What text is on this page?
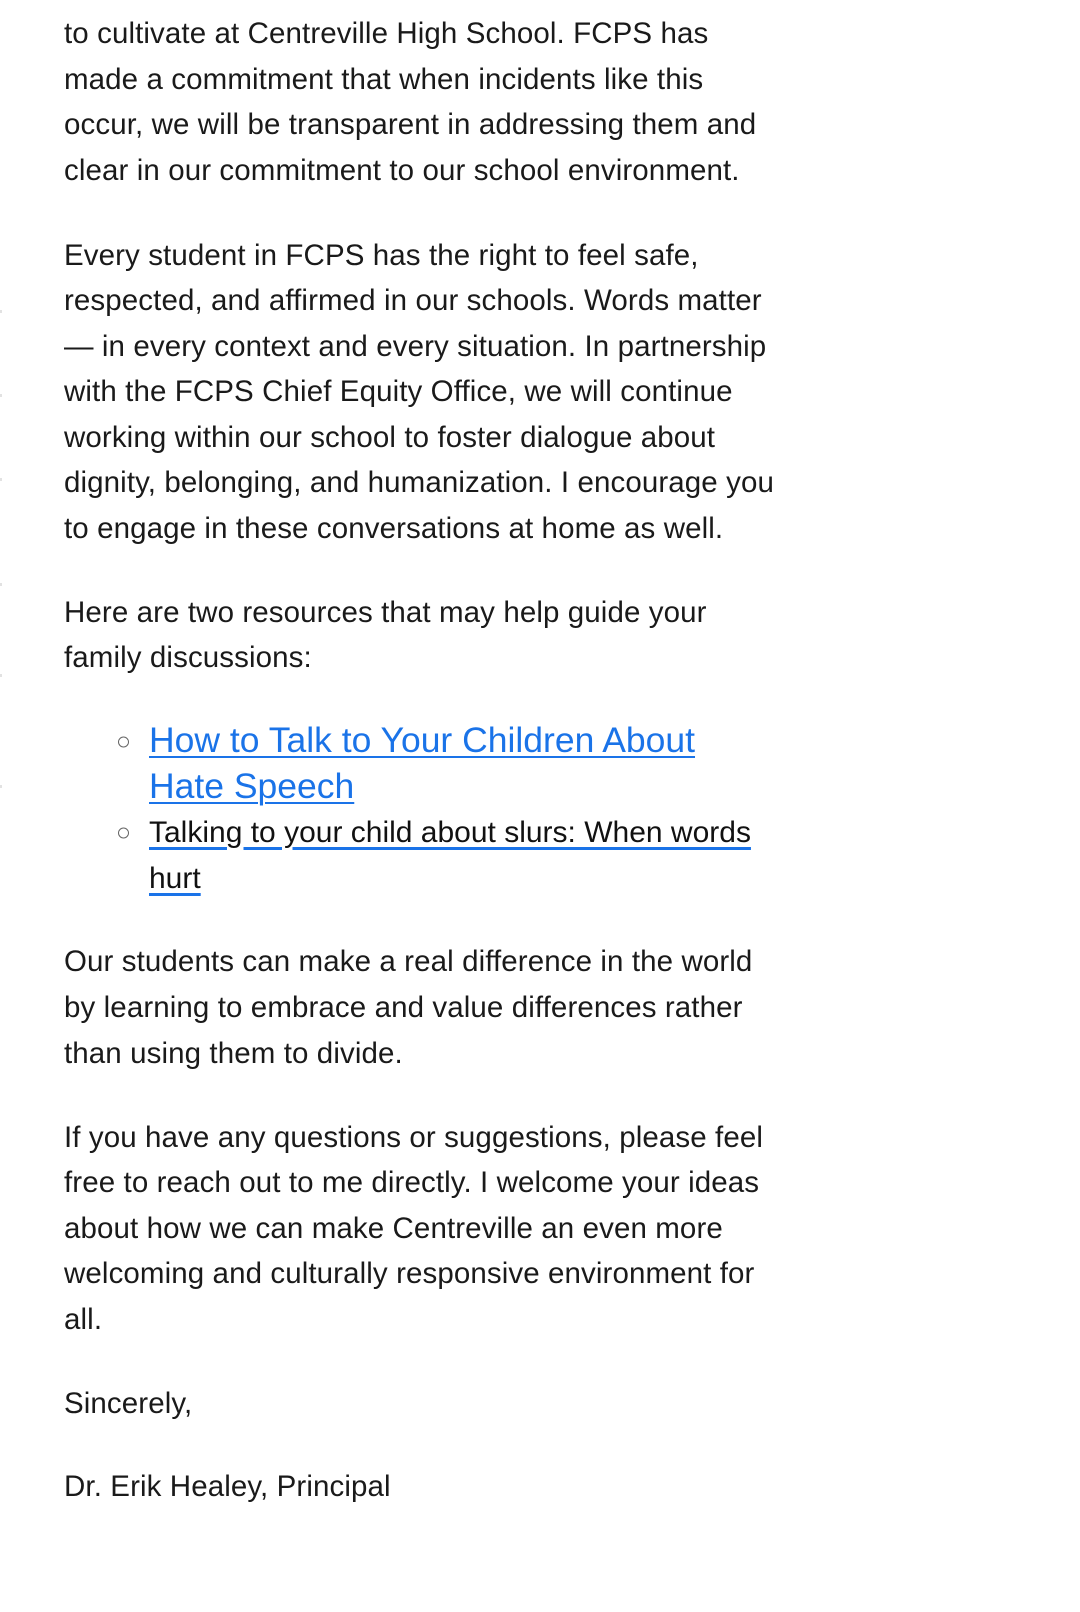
to cultivate at Centreville High School. FCPS has
made a commitment that when incidents like this
occur, we will be transparent in addressing them and
clear in our commitment to our school environment.
Every student in FCPS has the right to feel safe,
respected, and affirmed in our schools. Words matter
— in every context and every situation. In partnership
with the FCPS Chief Equity Office, we will continue
working within our school to foster dialogue about
dignity, belonging, and humanization. I encourage you
to engage in these conversations at home as well.
Here are two resources that may help guide your
family discussions:
How to Talk to Your Children About
Hate Speech
Talking to your child about slurs: When words
hurt
Our students can make a real difference in the world
by learning to embrace and value differences rather
than using them to divide.
If you have any questions or suggestions, please feel
free to reach out to me directly. I welcome your ideas
about how we can make Centreville an even more
welcoming and culturally responsive environment for
all.
Sincerely,
Dr. Erik Healey, Principal
